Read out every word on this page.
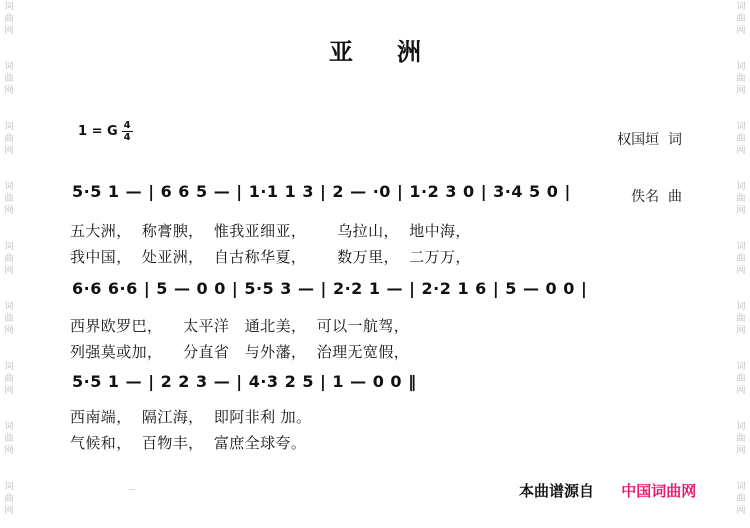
词
曲
网
词
曲
网
词
曲
网
词
曲
网
词
曲
网
词
曲
网
词
曲
网
词
曲
网
词
曲
网
词
曲
网
词
曲
网
词
曲
网
词
曲
网
词
曲
网
词
曲
网
词
曲
网
词
曲
网
词
曲
网
亚洲
1 = G $\frac{4}{4}$	权国垣 词

佚名 曲

5·5 1 — | 6 6 5 — | 1·1 1 3 | 2 — ·0 | 1·2 3 0 | 3·4 5 0 |
五大洲，  称膏腴，  惟我亚细亚，      乌拉山，  地中海，
我中国，  处亚洲，  自古称华夏，      数万里，  二万万，
6·6 6·6 | 5 — 0 0 | 5·5 3 — | 2·2 1 — | 2·2 1 6 | 5 — 0 0 |
西界欧罗巴，    太平洋   通北美，  可以一航驾，
列强莫或加，    分直省   与外藩，  治理无宽假，
5·5 1 — | 2 2 3 — | 4·3 2 5 | 1 — 0 0 ‖
西南端，  隔江海，  即阿非利 加。
气候和，  百物丰，  富庶全球夸。
本曲谱源自 中国词曲网
